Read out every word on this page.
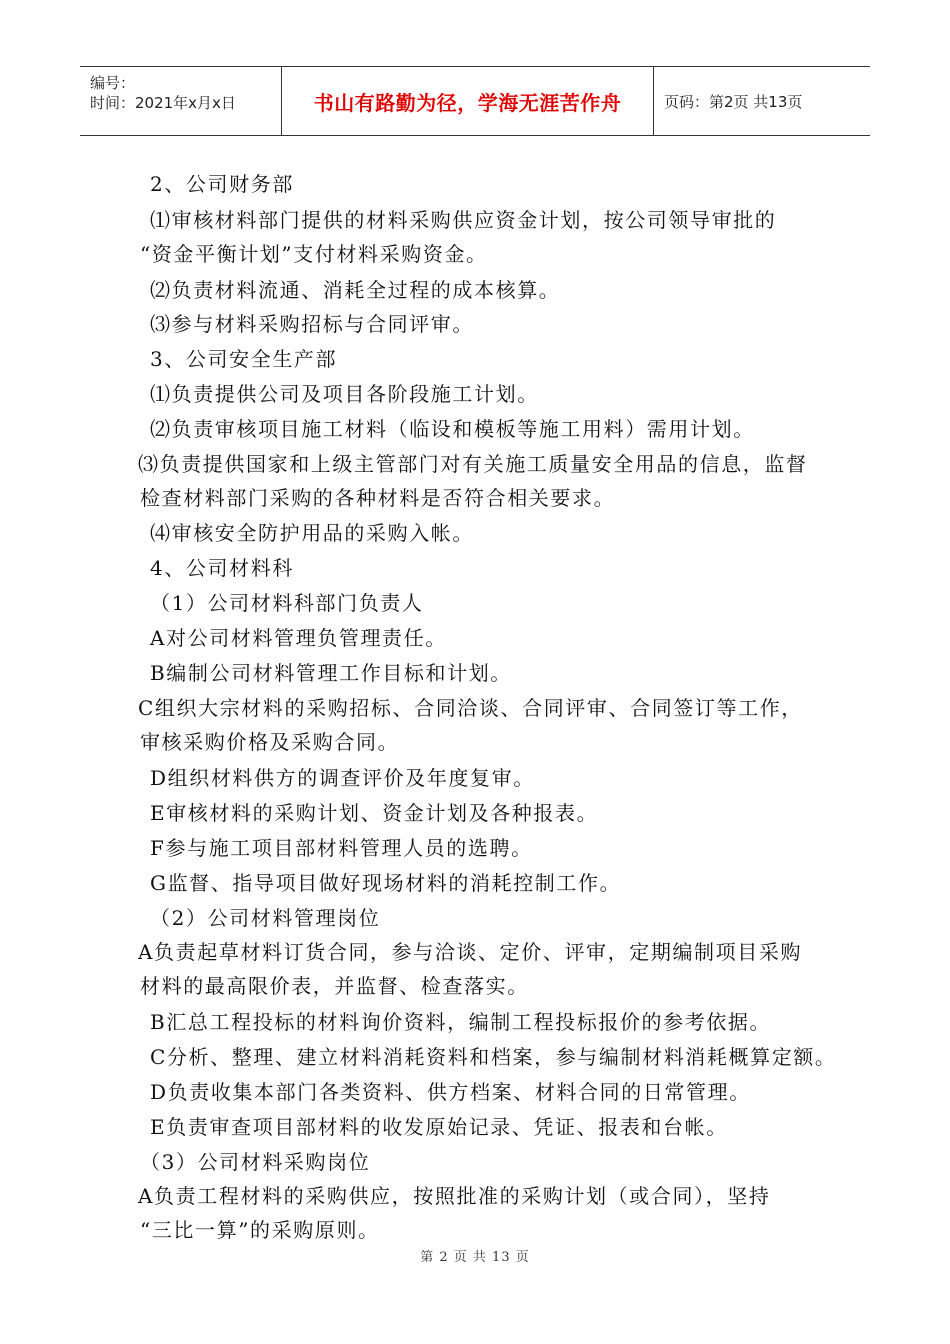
编号：
时间：2021年x月x日	书山有路勤为径，学海无涯苦作舟	页码：第2页 共13页
2、公司财务部
⑴审核材料部门提供的材料采购供应资金计划，按公司领导审批的
“资金平衡计划”支付材料采购资金。
⑵负责材料流通、消耗全过程的成本核算。
⑶参与材料采购招标与合同评审。
3、公司安全生产部
⑴负责提供公司及项目各阶段施工计划。
⑵负责审核项目施工材料（临设和模板等施工用料）需用计划。
⑶负责提供国家和上级主管部门对有关施工质量安全用品的信息，监督
检查材料部门采购的各种材料是否符合相关要求。
⑷审核安全防护用品的采购入帐。
4、公司材料科
（1）公司材料科部门负责人
A对公司材料管理负管理责任。
B编制公司材料管理工作目标和计划。
C组织大宗材料的采购招标、合同洽谈、合同评审、合同签订等工作，
审核采购价格及采购合同。
D组织材料供方的调查评价及年度复审。
E审核材料的采购计划、资金计划及各种报表。
F参与施工项目部材料管理人员的选聘。
G监督、指导项目做好现场材料的消耗控制工作。
（2）公司材料管理岗位
A负责起草材料订货合同，参与洽谈、定价、评审，定期编制项目采购
材料的最高限价表，并监督、检查落实。
B汇总工程投标的材料询价资料，编制工程投标报价的参考依据。
C分析、整理、建立材料消耗资料和档案，参与编制材料消耗概算定额。
D负责收集本部门各类资料、供方档案、材料合同的日常管理。
E负责审查项目部材料的收发原始记录、凭证、报表和台帐。
（3）公司材料采购岗位
A负责工程材料的采购供应，按照批准的采购计划（或合同），坚持
“三比一算”的采购原则。
第 2 页 共 13 页
